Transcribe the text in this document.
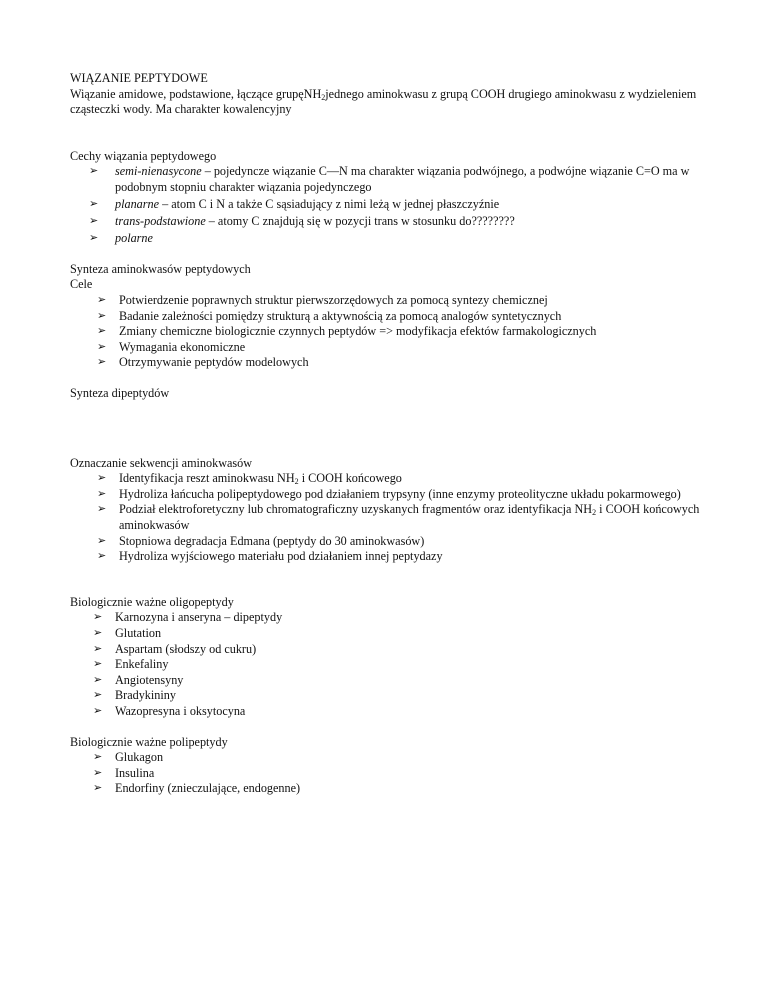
WIĄZANIE PEPTYDOWE

Wiązanie amidowe, podstawione, łączące grupęNH$_2$jednego aminokwasu z grupą COOH drugiego aminokwasu z wydzieleniem cząsteczki wody. Ma charakter kowalencyjny

Cechy wiązania peptydowego

➢ semi-nienasycone – pojedyncze wiązanie C—N ma charakter wiązania podwójnego, a podwójne wiązanie C=O ma w podobnym stopniu charakter wiązania pojedynczego
➢ planarne – atom C i N a także C sąsiadujący z nimi leżą w jednej płaszczyźnie
➢ trans-podstawione – atomy C znajdują się w pozycji trans w stosunku do????????
➢ polarne

Synteza aminokwasów peptydowych

Cele

➢ Potwierdzenie poprawnych struktur pierwszorzędowych za pomocą syntezy chemicznej
➢ Badanie zależności pomiędzy strukturą a aktywnością za pomocą analogów syntetycznych
➢ Zmiany chemiczne biologicznie czynnych peptydów => modyfikacja efektów farmakologicznych
➢ Wymagania ekonomiczne
➢ Otrzymywanie peptydów modelowych

Synteza dipeptydów

Oznaczanie sekwencji aminokwasów

➢ Identyfikacja reszt aminokwasu $NH_2$ i COOH końcowego
➢ Hydroliza łańcucha polipeptydowego pod działaniem trypsyny (inne enzymy proteolityczne układu pokarmowego)
➢ Podział elektroforetyczny lub chromatograficzny uzyskanych fragmentów oraz identyfikacja $NH_2$ i COOH końcowych aminokwasów
➢ Stopniowa degradacja Edmana (peptydy do 30 aminokwasów)
➢ Hydroliza wyjściowego materiału pod działaniem innej peptydazy

Biologicznie ważne oligopeptydy

➢ Karnozyna i anseryna – dipeptydy
➢ Glutation
➢ Aspartam (słodszy od cukru)
➢ Enkefaliny
➢ Angiotensyny
➢ Bradykininy
➢ Wazopresyna i oksytocyna

Biologicznie ważne polipeptydy

➢ Glukagon
➢ Insulina
➢ Endorfiny (znieczulające, endogenne)
